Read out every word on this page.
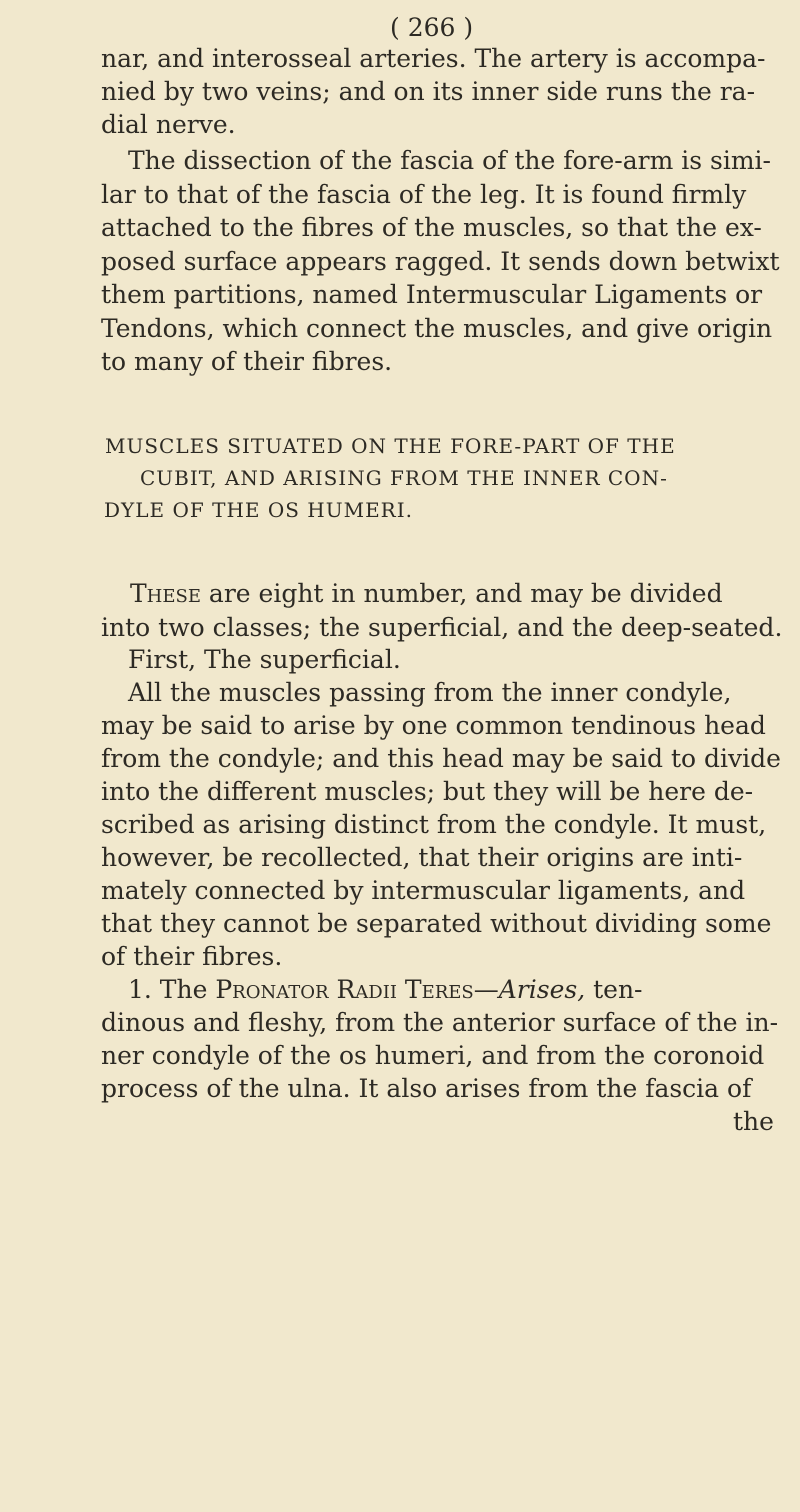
( 266 )
nar, and interosseal arteries. The artery is accompa-
nied by two veins; and on its inner side runs the ra-
dial nerve.
The dissection of the fascia of the fore-arm is simi-
lar to that of the fascia of the leg. It is found firmly
attached to the fibres of the muscles, so that the ex-
posed surface appears ragged. It sends down betwixt
them partitions, named Intermuscular Ligaments or
Tendons, which connect the muscles, and give origin
to many of their fibres.
MUSCLES SITUATED ON THE FORE-PART OF THE
CUBIT, AND ARISING FROM THE INNER CON-
DYLE OF THE OS HUMERI.
These are eight in number, and may be divided
into two classes; the superficial, and the deep-seated.
First, The superficial.
All the muscles passing from the inner condyle,
may be said to arise by one common tendinous head
from the condyle; and this head may be said to divide
into the different muscles; but they will be here de-
scribed as arising distinct from the condyle. It must,
however, be recollected, that their origins are inti-
mately connected by intermuscular ligaments, and
that they cannot be separated without dividing some
of their fibres.
1. The Pronator Radii Teres—Arises, ten-
dinous and fleshy, from the anterior surface of the in-
ner condyle of the os humeri, and from the coronoid
process of the ulna. It also arises from the fascia of
the
